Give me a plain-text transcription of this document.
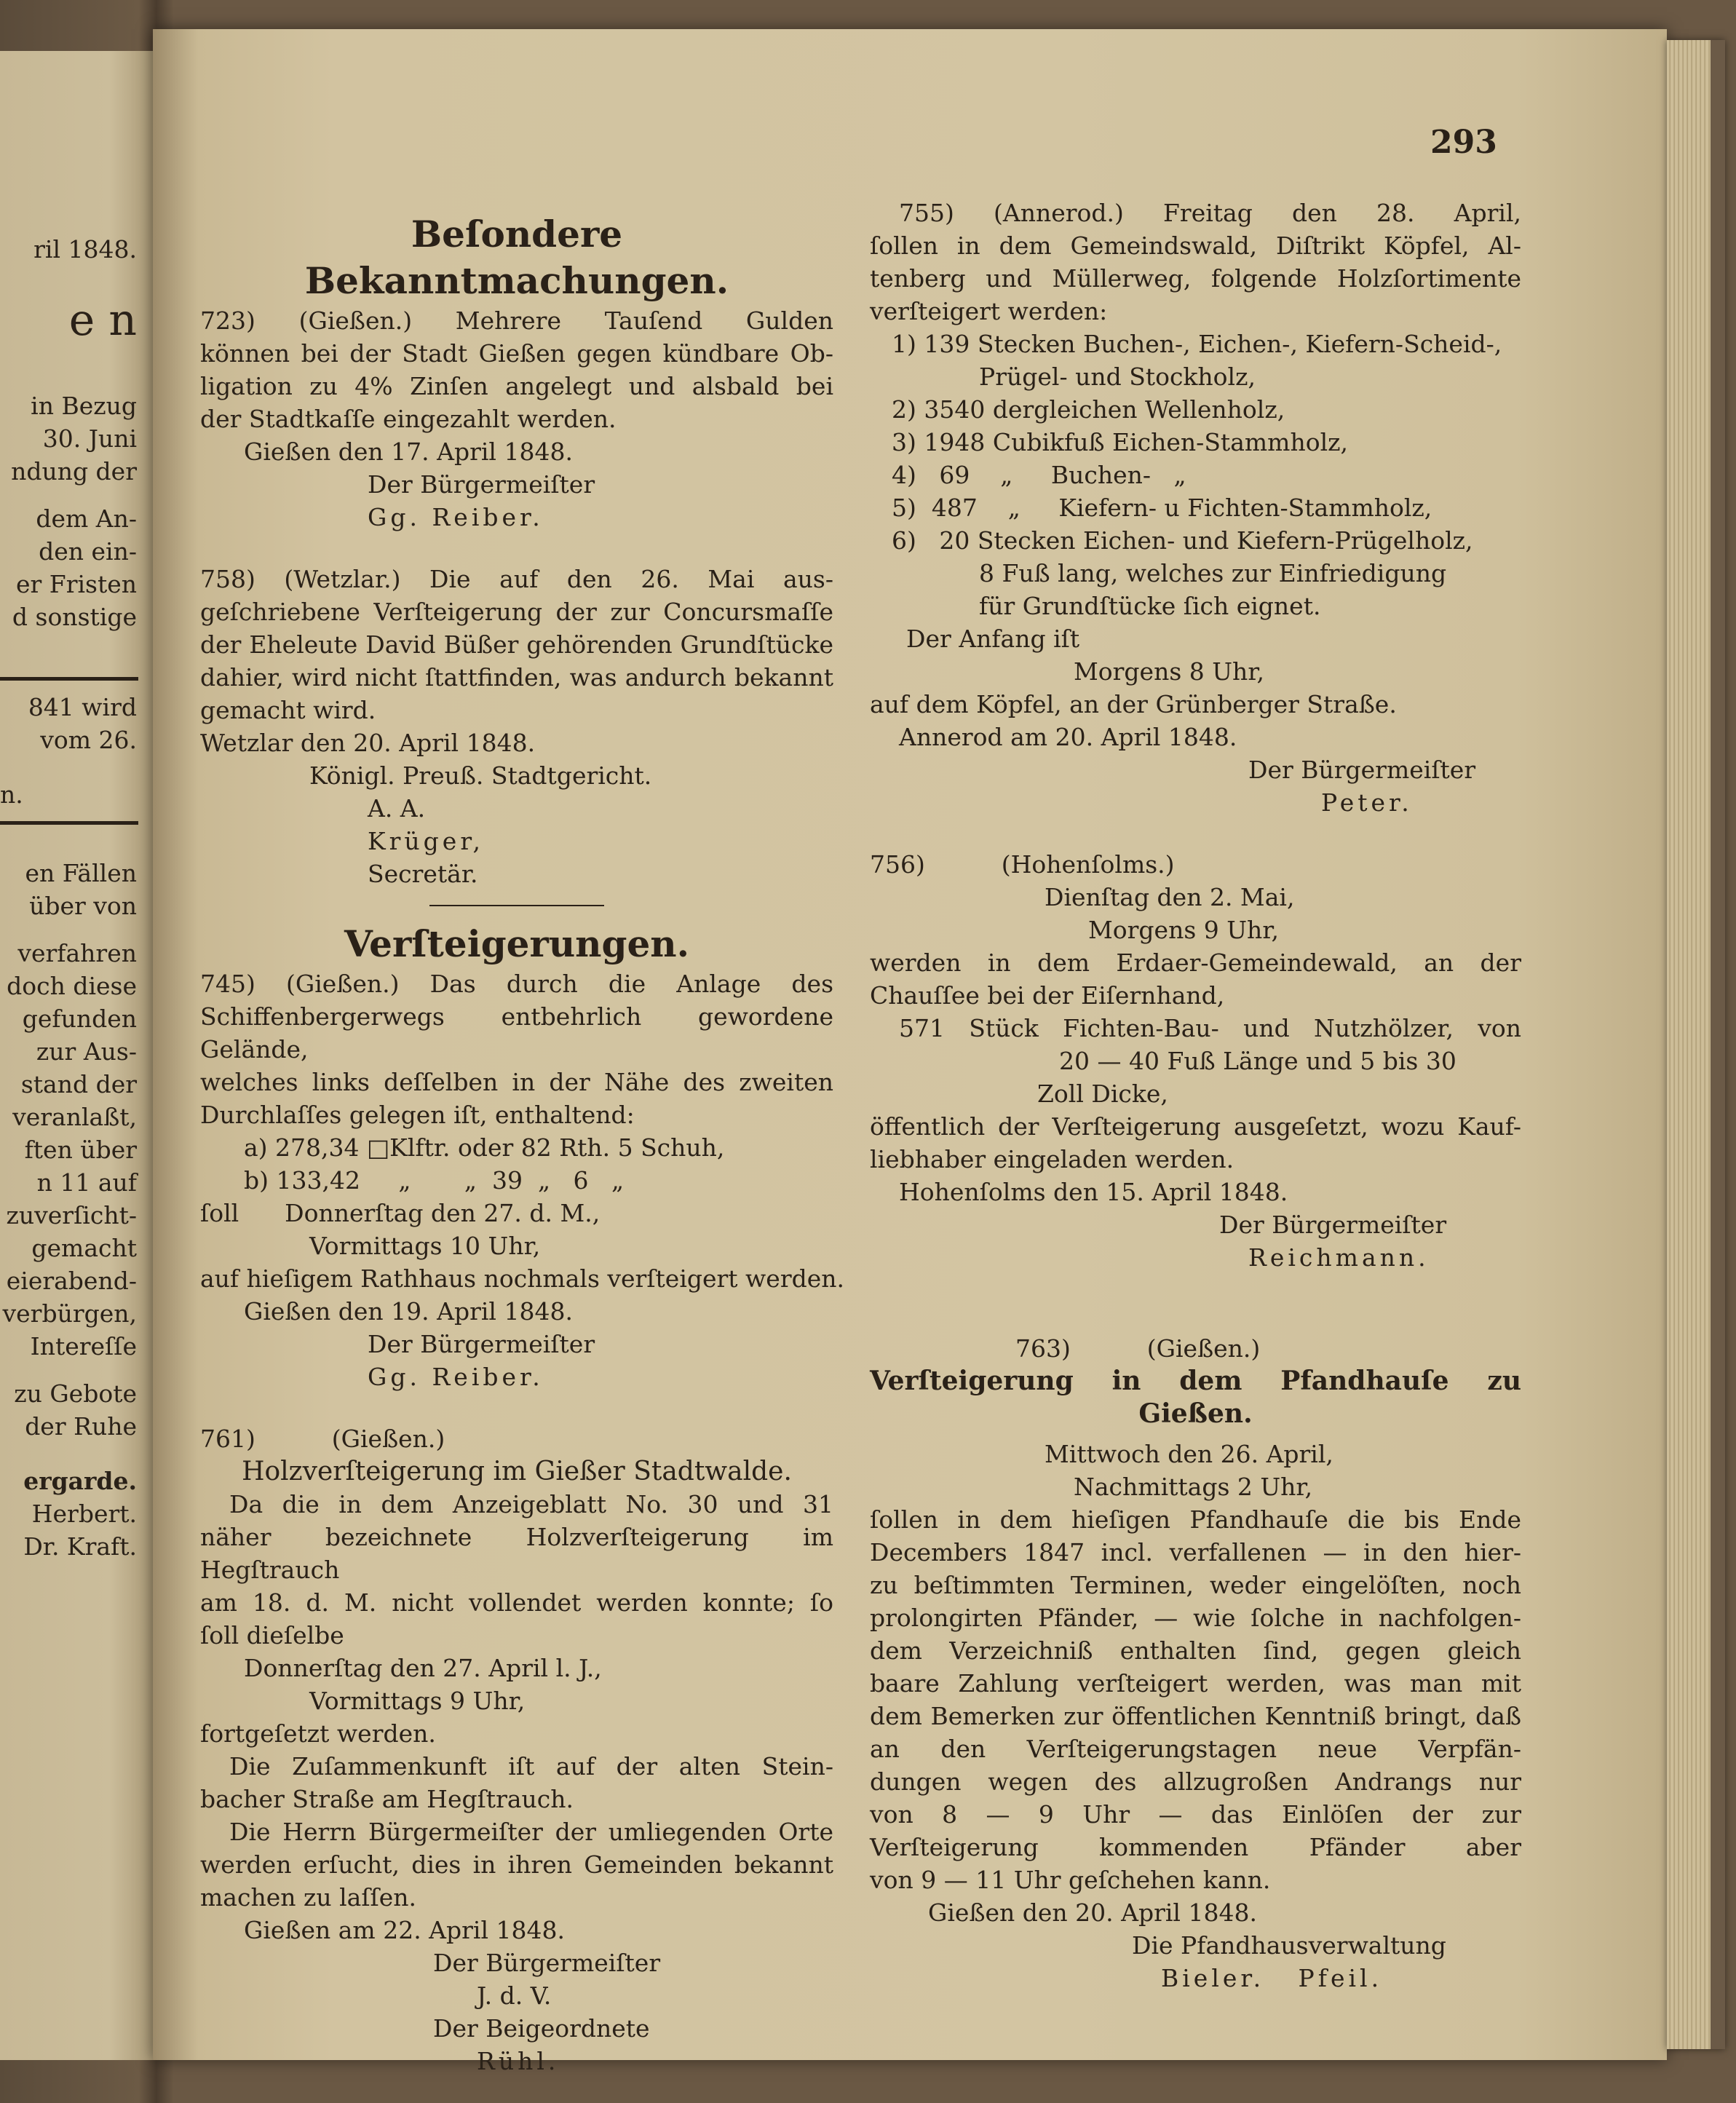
ril 1848.
e n
in Bezug
30. Juni
ndung der
dem An-
den ein-
er Fristen
d sonstige
841 wird
vom 26.
n.
en Fällen
über von
verfahren
doch diese
gefunden
zur Aus-
stand der
veranlaßt,
ften über
n 11 auf
zuverſicht-
gemacht
eierabend-
verbürgen,
Intereſſe
zu Gebote
der Ruhe
ergarde.
Herbert.
Dr. Kraft.
293
Beſondere Bekanntmachungen.
723) (Gießen.) Mehrere Tauſend Gulden
können bei der Stadt Gießen gegen kündbare Ob-
ligation zu 4% Zinſen angelegt und alsbald bei
der Stadtkaſſe eingezahlt werden.
Gießen den 17. April 1848.
Der Bürgermeiſter
Gg. Reiber.
758) (Wetzlar.) Die auf den 26. Mai aus-
geſchriebene Verſteigerung der zur Concursmaſſe
der Eheleute David Büßer gehörenden Grundſtücke
dahier, wird nicht ſtattfinden, was andurch bekannt
gemacht wird.
Wetzlar den 20. April 1848.
Königl. Preuß. Stadtgericht.
A. A.
Krüger,
Secretär.
Verſteigerungen.
745) (Gießen.) Das durch die Anlage des
Schiffenbergerwegs entbehrlich gewordene Gelände,
welches links deſſelben in der Nähe des zweiten
Durchlaſſes gelegen iſt, enthaltend:
a) 278,34 □Klftr. oder 82 Rth. 5 Schuh,
b) 133,42     „       „  39  „   6   „
ſoll      Donnerſtag den 27. d. M.,
Vormittags 10 Uhr,
auf hieſigem Rathhaus nochmals verſteigert werden.
Gießen den 19. April 1848.
Der Bürgermeiſter
Gg. Reiber.
761)          (Gießen.)
Holzverſteigerung im Gießer Stadtwalde.
Da die in dem Anzeigeblatt No. 30 und 31
näher bezeichnete Holzverſteigerung im Hegſtrauch
am 18. d. M. nicht vollendet werden konnte; ſo
ſoll dieſelbe
Donnerſtag den 27. April l. J.,
Vormittags 9 Uhr,
fortgeſetzt werden.
Die Zuſammenkunft iſt auf der alten Stein-
bacher Straße am Hegſtrauch.
Die Herrn Bürgermeiſter der umliegenden Orte
werden erſucht, dies in ihren Gemeinden bekannt
machen zu laſſen.
Gießen am 22. April 1848.
Der Bürgermeiſter
J. d. V.
Der Beigeordnete
Rühl.
755) (Annerod.) Freitag den 28. April,
ſollen in dem Gemeindswald, Diſtrikt Köpfel, Al-
tenberg und Müllerweg, folgende Holzſortimente
verſteigert werden:
1) 139 Stecken Buchen-, Eichen-, Kiefern-Scheid-,
Prügel- und Stockholz,
2) 3540 dergleichen Wellenholz,
3) 1948 Cubikfuß Eichen-Stammholz,
4)   69    „     Buchen-   „
5)  487    „     Kiefern- u Fichten-Stammholz,
6)   20 Stecken Eichen- und Kiefern-Prügelholz,
8 Fuß lang, welches zur Einfriedigung
für Grundſtücke ſich eignet.
Der Anfang iſt
Morgens 8 Uhr,
auf dem Köpfel, an der Grünberger Straße.
Annerod am 20. April 1848.
Der Bürgermeiſter
Peter.
756)          (Hohenſolms.)
Dienſtag den 2. Mai,
Morgens 9 Uhr,
werden in dem Erdaer-Gemeindewald, an der
Chauſſee bei der Eiſernhand,
571 Stück Fichten-Bau- und Nutzhölzer, von
20 — 40 Fuß Länge und 5 bis 30
Zoll Dicke,
öffentlich der Verſteigerung ausgeſetzt, wozu Kauf-
liebhaber eingeladen werden.
Hohenſolms den 15. April 1848.
Der Bürgermeiſter
Reichmann.
763)          (Gießen.)
Verſteigerung in dem Pfandhauſe zu
Gießen.
Mittwoch den 26. April,
Nachmittags 2 Uhr,
ſollen in dem hieſigen Pfandhauſe die bis Ende
Decembers 1847 incl. verfallenen — in den hier-
zu beſtimmten Terminen, weder eingelöſten, noch
prolongirten Pfänder, — wie ſolche in nachfolgen-
dem Verzeichniß enthalten ſind, gegen gleich
baare Zahlung verſteigert werden, was man mit
dem Bemerken zur öffentlichen Kenntniß bringt, daß
an den Verſteigerungstagen neue Verpfän-
dungen wegen des allzugroßen Andrangs nur
von 8 — 9 Uhr — das Einlöſen der zur
Verſteigerung kommenden Pfänder aber
von 9 — 11 Uhr geſchehen kann.
Gießen den 20. April 1848.
Die Pfandhausverwaltung
Bieler.   Pfeil.
